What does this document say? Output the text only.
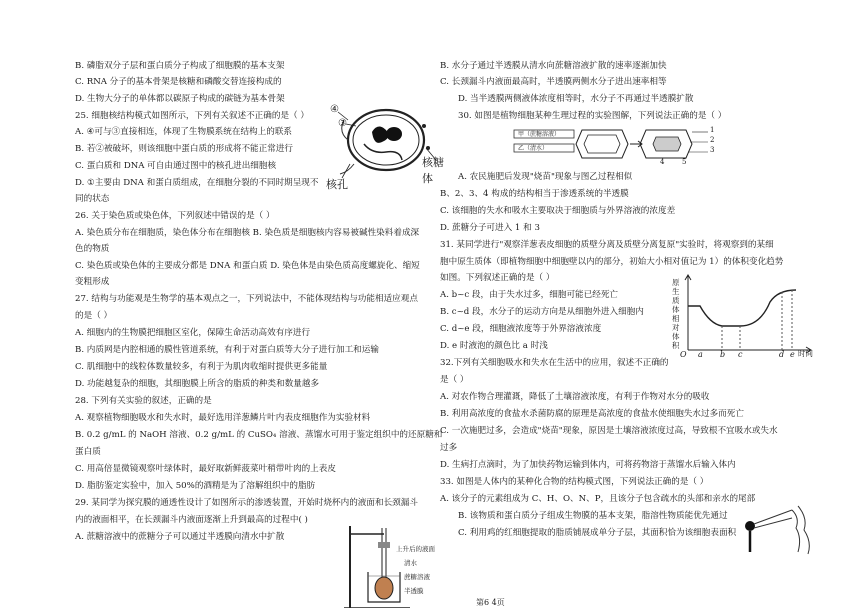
B. 磷脂双分子层和蛋白质分子构成了细胞膜的基本支架
C. RNA 分子的基本骨架是核糖和磷酸交替连接构成的
D. 生物大分子的单体都以碳原子构成的碳链为基本骨架
25. 细胞核结构模式如图所示，下列有关叙述不正确的是（ ）
A. ④可与③直接相连，体现了生物膜系统在结构上的联系
B. 若②被破坏，则该细胞中蛋白质的形成将不能正常进行
C. 蛋白质和 DNA 可自由通过图中的核孔进出细胞核
D. ①主要由 DNA 和蛋白质组成，在细胞分裂的不同时期呈现不
同的状态
26. 关于染色质或染色体，下列叙述中错误的是（ ）
A. 染色质分布在细胞质，染色体分布在细胞核 B. 染色质是细胞核内容易被碱性染料着成深
色的物质
C. 染色质或染色体的主要成分都是 DNA 和蛋白质 D. 染色体是由染色质高度螺旋化、缩短
变粗形成
27. 结构与功能观是生物学的基本观点之一，下列说法中，不能体现结构与功能相适应观点
的是（ ）
A. 细胞内的生物膜把细胞区室化，保障生命活动高效有序进行
B. 内质网是内腔相通的膜性管道系统，有利于对蛋白质等大分子进行加工和运输
C. 肌细胞中的线粒体数量较多，有利于为肌肉收缩时提供更多能量
D. 功能越复杂的细胞，其细胞膜上所含的脂质的种类和数量越多
28. 下列有关实验的叙述，正确的是
A. 观察植物细胞吸水和失水时，最好选用洋葱鳞片叶内表皮细胞作为实验材料
B. 0.2 g/mL 的 NaOH 溶液、0.2 g/mL 的 CuSO₄ 溶液、蒸馏水可用于鉴定组织中的还原糖和
蛋白质
C. 用高倍显微镜观察叶绿体时，最好取新鲜菠菜叶稍带叶肉的上表皮
D. 脂肪鉴定实验中，加入 50%的酒精是为了溶解组织中的脂肪
29. 某同学为探究膜的通透性设计了如图所示的渗透装置，开始时烧杯内的液面和长颈漏斗
内的液面相平，在长颈漏斗内液面逐渐上升到最高的过程中( )
A. 蔗糖溶液中的蔗糖分子可以通过半透膜向清水中扩散
B. 水分子通过半透膜从清水向蔗糖溶液扩散的速率逐渐加快
C. 长颈漏斗内液面最高时，半透膜两侧水分子进出速率相等
D. 当半透膜两侧液体浓度相等时，水分子不再通过半透膜扩散
30. 如图是植物细胞某种生理过程的实验图解，下列说法正确的是（ ）
A. 农民施肥后发现"烧苗"现象与图乙过程相似
B、2、3、4 构成的结构相当于渗透系统的半透膜
C. 该细胞的失水和吸水主要取决于细胞质与外界溶液的浓度差
D. 蔗糖分子可进入 1 和 3
31. 某同学进行"观察洋葱表皮细胞的质壁分离及质壁分离复原"实验时，将观察到的某细
胞中原生质体（即植物细胞中细胞壁以内的部分，初始大小相对值记为 1）的体积变化趋势
如图。下列叙述正确的是（ ）
A. b~c 段，由于失水过多，细胞可能已经死亡
B. c~d 段，水分子的运动方向是从细胞外进入细胞内
C. d~e 段，细胞液浓度等于外界溶液浓度
D. e 时液泡的颜色比 a 时浅
32.下列有关细胞吸水和失水在生活中的应用，叙述不正确的
是（ ）
A. 对农作物合理灌溉，降低了土壤溶液浓度，有利于作物对水分的吸收
B. 利用高浓度的食盐水杀菌防腐的原理是高浓度的食盐水使细胞失水过多而死亡
C. 一次施肥过多，会造成"烧苗"现象，原因是土壤溶液浓度过高，导致根不宜吸水或失水
过多
D. 生病打点滴时，为了加快药物运输到体内，可将药物溶于蒸馏水后输入体内
33. 如图是人体内的某种化合物的结构模式图，下列说法正确的是（ ）
A. 该分子的元素组成为 C、H、O、N、P，且该分子包含疏水的头部和亲水的尾部
B. 该物质和蛋白质分子组成生物膜的基本支架，脂溶性物质能优先通过
C. 利用鸡的红细胞提取的脂质铺展成单分子层，其面积恰为该细胞表面积
④
③
核糖体
核孔
甲（蔗糖溶液）
乙（清水）
1
2
3
4	5
原生质体相对体积
O a b c	d e 时间
上升后的液面
清水
蔗糖溶液
半透膜
第6 4页
